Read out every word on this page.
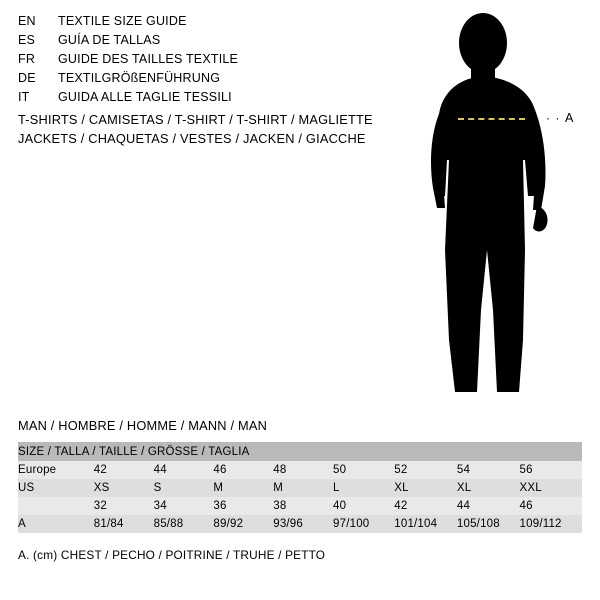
EN	TEXTILE SIZE GUIDE
ES	GUÍA DE TALLAS
FR	GUIDE DES TAILLES TEXTILE
DE	TEXTILGRÖßENFÜHRUNG
IT	GUIDA ALLE TAGLIE TESSILI
T-SHIRTS / CAMISETAS / T-SHIRT / T-SHIRT / MAGLIETTE
JACKETS / CHAQUETAS / VESTES / JACKEN / GIACCHE
· · A
MAN / HOMBRE / HOMME / MANN / MAN
SIZE / TALLA / TAILLE / GRÖSSE / TAGLIA								
Europe	42	44	46	48	50	52	54	56
US	XS	S	M	M	L	XL	XL	XXL
	32	34	36	38	40	42	44	46
A	81/84	85/88	89/92	93/96	97/100	101/104	105/108	109/112
A. (cm) CHEST / PECHO / POITRINE / TRUHE / PETTO
